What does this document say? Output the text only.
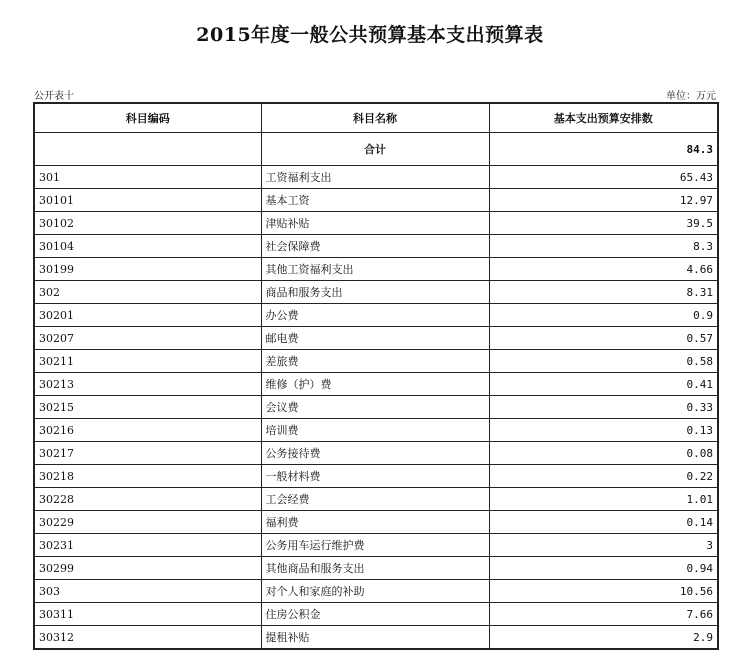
2015年度一般公共预算基本支出预算表
公开表十	单位：万元
科目编码	科目名称	基本支出预算安排数
	合计	84.3
301	工资福利支出	65.43
30101	基本工资	12.97
30102	津贴补贴	39.5
30104	社会保障费	8.3
30199	其他工资福利支出	4.66
302	商品和服务支出	8.31
30201	办公费	0.9
30207	邮电费	0.57
30211	差旅费	0.58
30213	维修（护）费	0.41
30215	会议费	0.33
30216	培训费	0.13
30217	公务接待费	0.08
30218	一般材料费	0.22
30228	工会经费	1.01
30229	福利费	0.14
30231	公务用车运行维护费	3
30299	其他商品和服务支出	0.94
303	对个人和家庭的补助	10.56
30311	住房公积金	7.66
30312	提租补贴	2.9
